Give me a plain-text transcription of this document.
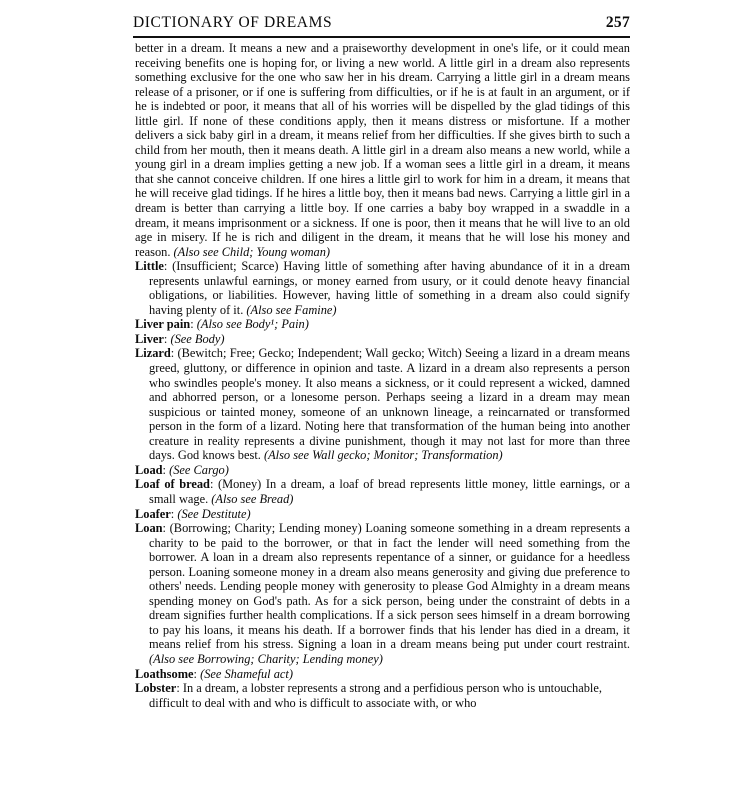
DICTIONARY OF DREAMS	257

better in a dream. It means a new and a praiseworthy development in one's life, or it could mean receiving benefits one is hoping for, or living a new world. A little girl in a dream also represents something exclusive for the one who saw her in his dream. Carrying a little girl in a dream means release of a prisoner, or if one is suffering from difficulties, or if he is at fault in an argument, or if he is indebted or poor, it means that all of his worries will be dispelled by the glad tidings of this little girl. If none of these conditions apply, then it means distress or misfortune. If a mother delivers a sick baby girl in a dream, it means relief from her difficulties. If she gives birth to such a child from her mouth, then it means death. A little girl in a dream also means a new world, while a young girl in a dream implies getting a new job. If a woman sees a little girl in a dream, it means that she cannot conceive children. If one hires a little girl to work for him in a dream, it means that he will receive glad tidings. If he hires a little boy, then it means bad news. Carrying a little girl in a dream is better than carrying a little boy. If one carries a baby boy wrapped in a swaddle in a dream, it means imprisonment or a sickness. If one is poor, then it means that he will live to an old age in misery. If he is rich and diligent in the dream, it means that he will lose his money and reason. (Also see Child; Young woman)

Little: (Insufficient; Scarce) Having little of something after having abundance of it in a dream represents unlawful earnings, or money earned from usury, or it could denote heavy financial obligations, or liabilities. However, having little of something in a dream also could signify having plenty of it. (Also see Famine)

Liver pain: (Also see Body¹; Pain)

Liver: (See Body)

Lizard: (Bewitch; Free; Gecko; Independent; Wall gecko; Witch) Seeing a lizard in a dream means greed, gluttony, or difference in opinion and taste. A lizard in a dream also represents a person who swindles people's money. It also means a sickness, or it could represent a wicked, damned and abhorred person, or a lonesome person. Perhaps seeing a lizard in a dream may mean suspicious or tainted money, someone of an unknown lineage, a reincarnated or transformed person in the form of a lizard. Noting here that transformation of the human being into another creature in reality represents a divine punishment, though it may not last for more than three days. God knows best. (Also see Wall gecko; Monitor; Transformation)

Load: (See Cargo)

Loaf of bread: (Money) In a dream, a loaf of bread represents little money, little earnings, or a small wage. (Also see Bread)

Loafer: (See Destitute)

Loan: (Borrowing; Charity; Lending money) Loaning someone something in a dream represents a charity to be paid to the borrower, or that in fact the lender will need something from the borrower. A loan in a dream also represents repentance of a sinner, or guidance for a heedless person. Loaning someone money in a dream also means generosity and giving due preference to others' needs. Lending people money with generosity to please God Almighty in a dream means spending money on God's path. As for a sick person, being under the constraint of debts in a dream signifies further health complications. If a sick person sees himself in a dream borrowing to pay his loans, it means his death. If a borrower finds that his lender has died in a dream, it means relief from his stress. Signing a loan in a dream means being put under court restraint. (Also see Borrowing; Charity; Lending money)

Loathsome: (See Shameful act)

Lobster: In a dream, a lobster represents a strong and a perfidious person who is untouchable, difficult to deal with and who is difficult to associate with, or who
